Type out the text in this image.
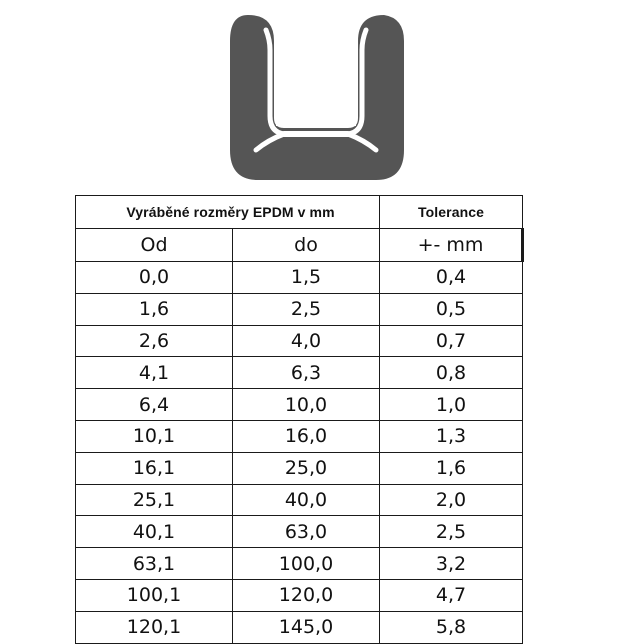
Vyráběné rozměry EPDM v mm		Tolerance
Od	do	+- mm
0,0	1,5	0,4
1,6	2,5	0,5
2,6	4,0	0,7
4,1	6,3	0,8
6,4	10,0	1,0
10,1	16,0	1,3
16,1	25,0	1,6
25,1	40,0	2,0
40,1	63,0	2,5
63,1	100,0	3,2
100,1	120,0	4,7
120,1	145,0	5,8
